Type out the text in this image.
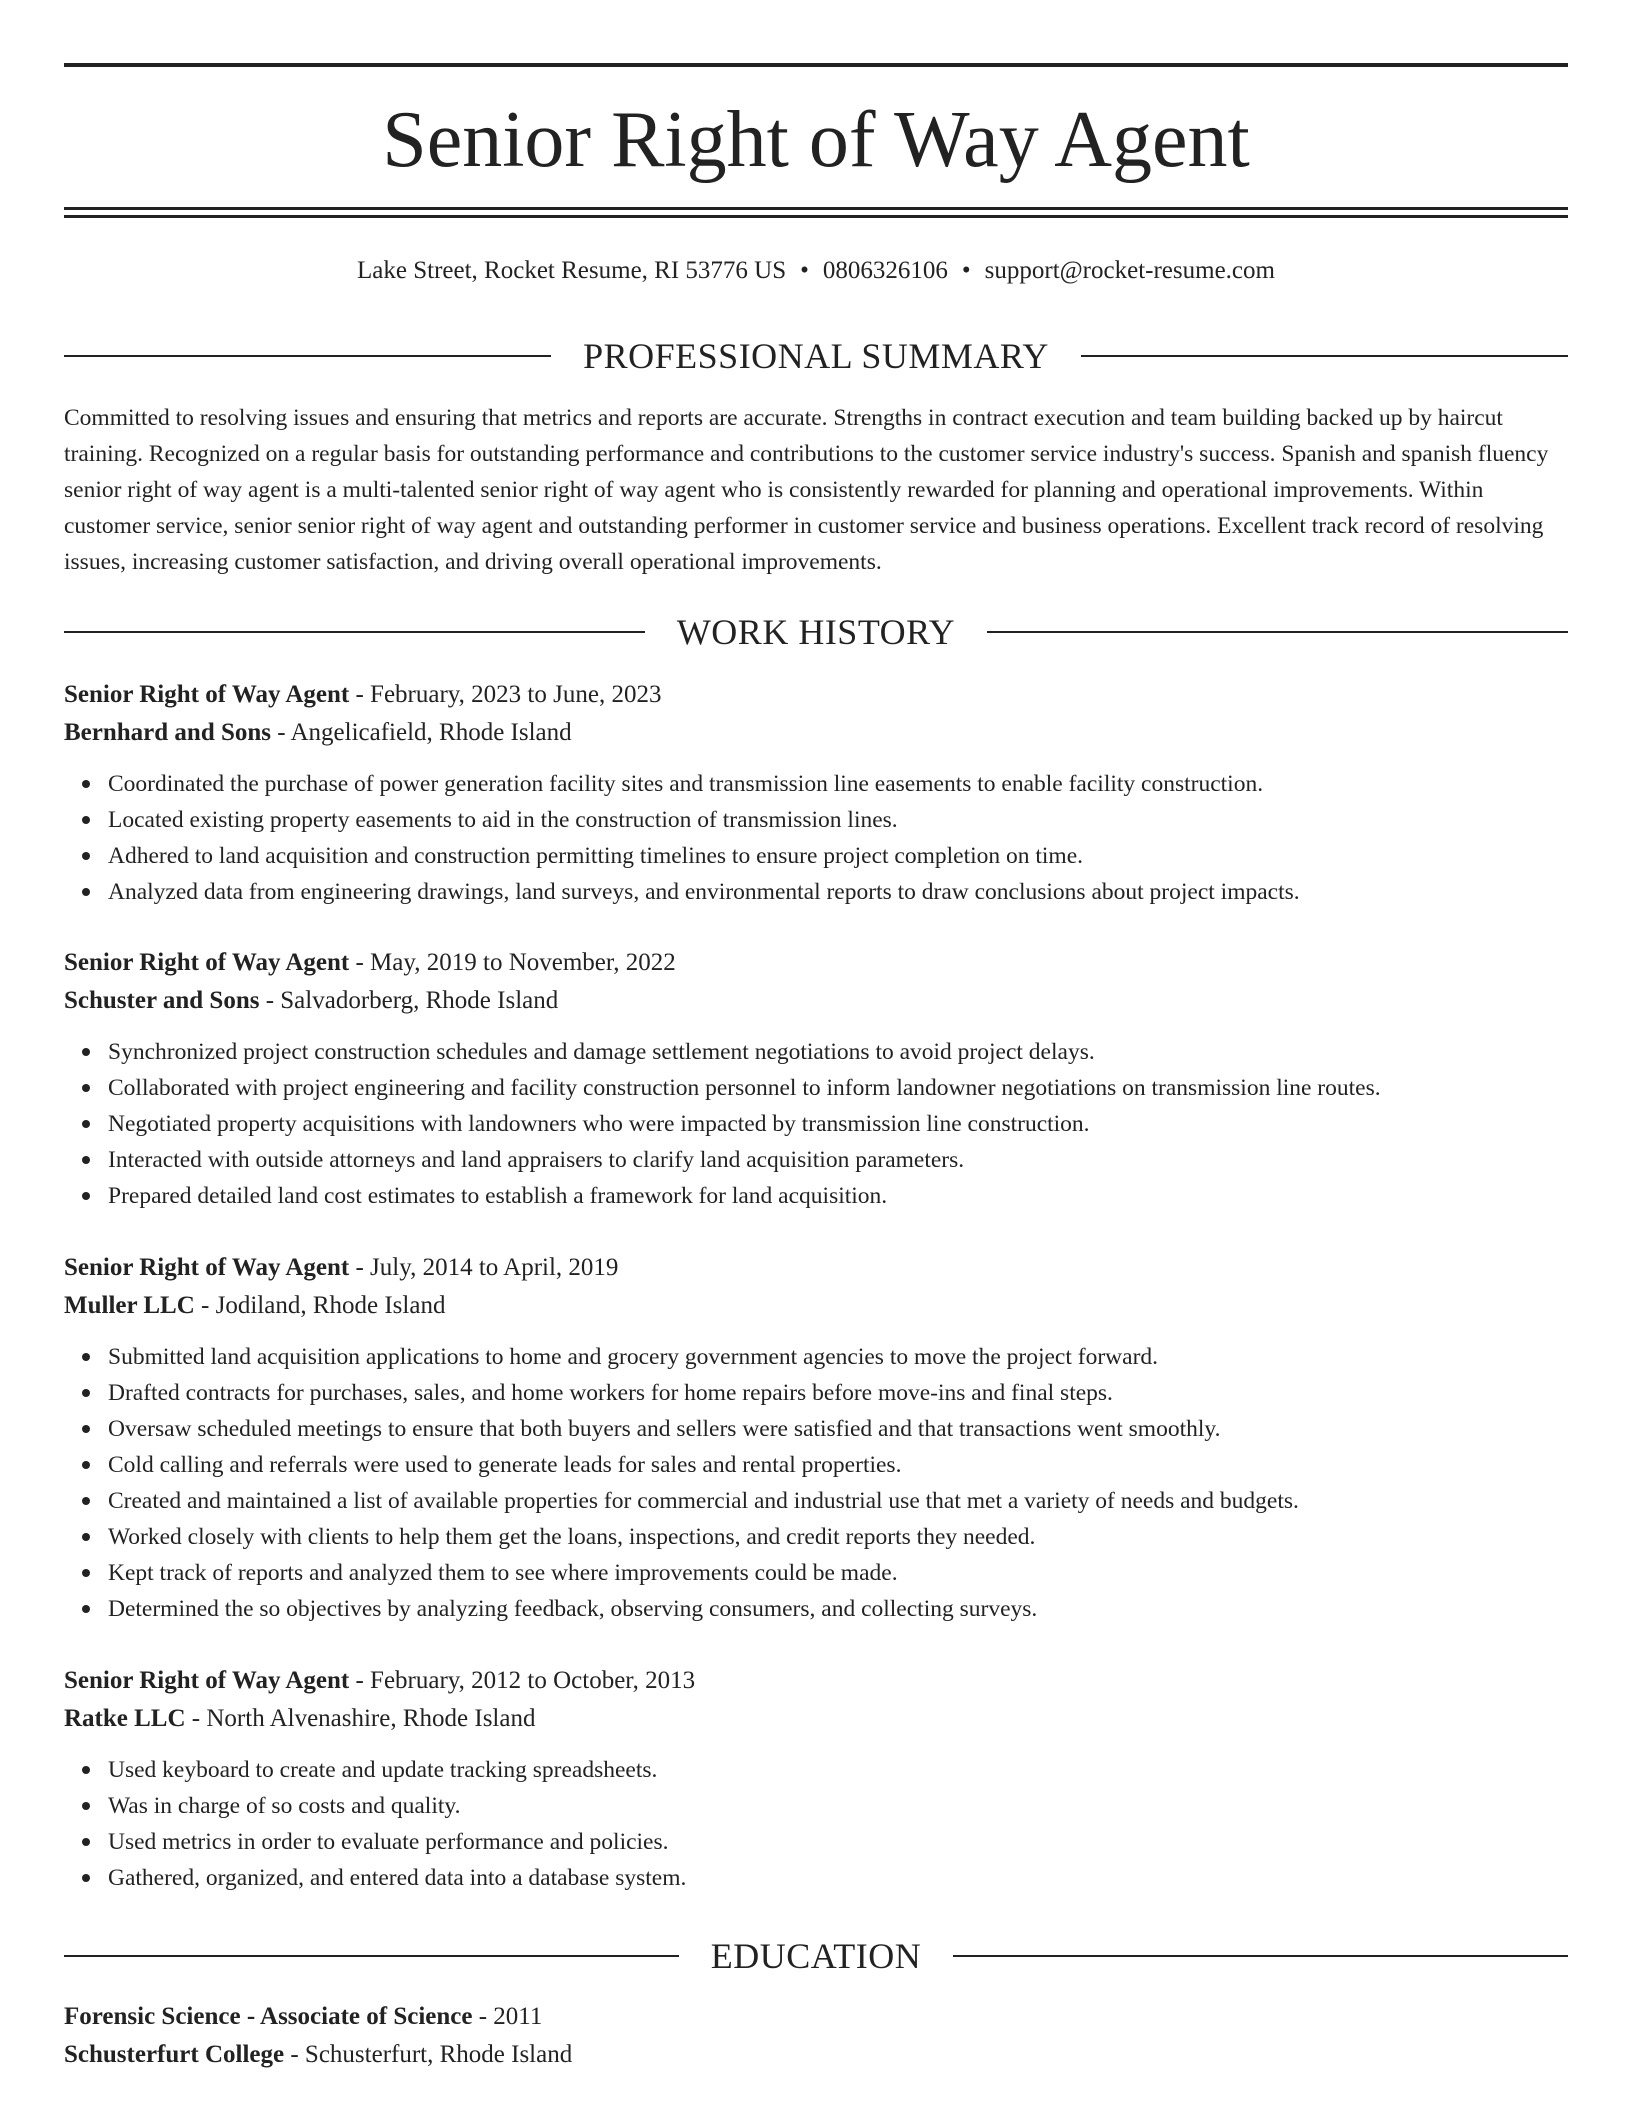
Senior Right of Way Agent
Lake Street, Rocket Resume, RI 53776 US • 0806326106 • support@rocket-resume.com
PROFESSIONAL SUMMARY

Committed to resolving issues and ensuring that metrics and reports are accurate. Strengths in contract execution and team building backed up by haircut training. Recognized on a regular basis for outstanding performance and contributions to the customer service industry's success. Spanish and spanish fluency senior right of way agent is a multi-talented senior right of way agent who is consistently rewarded for planning and operational improvements. Within customer service, senior senior right of way agent and outstanding performer in customer service and business operations. Excellent track record of resolving issues, increasing customer satisfaction, and driving overall operational improvements.

WORK HISTORY

Senior Right of Way Agent - February, 2023 to June, 2023

Bernhard and Sons - Angelicafield, Rhode Island

Coordinated the purchase of power generation facility sites and transmission line easements to enable facility construction.
Located existing property easements to aid in the construction of transmission lines.
Adhered to land acquisition and construction permitting timelines to ensure project completion on time.
Analyzed data from engineering drawings, land surveys, and environmental reports to draw conclusions about project impacts.

Senior Right of Way Agent - May, 2019 to November, 2022

Schuster and Sons - Salvadorberg, Rhode Island

Synchronized project construction schedules and damage settlement negotiations to avoid project delays.
Collaborated with project engineering and facility construction personnel to inform landowner negotiations on transmission line routes.
Negotiated property acquisitions with landowners who were impacted by transmission line construction.
Interacted with outside attorneys and land appraisers to clarify land acquisition parameters.
Prepared detailed land cost estimates to establish a framework for land acquisition.

Senior Right of Way Agent - July, 2014 to April, 2019

Muller LLC - Jodiland, Rhode Island

Submitted land acquisition applications to home and grocery government agencies to move the project forward.
Drafted contracts for purchases, sales, and home workers for home repairs before move-ins and final steps.
Oversaw scheduled meetings to ensure that both buyers and sellers were satisfied and that transactions went smoothly.
Cold calling and referrals were used to generate leads for sales and rental properties.
Created and maintained a list of available properties for commercial and industrial use that met a variety of needs and budgets.
Worked closely with clients to help them get the loans, inspections, and credit reports they needed.
Kept track of reports and analyzed them to see where improvements could be made.
Determined the so objectives by analyzing feedback, observing consumers, and collecting surveys.

Senior Right of Way Agent - February, 2012 to October, 2013

Ratke LLC - North Alvenashire, Rhode Island

Used keyboard to create and update tracking spreadsheets.
Was in charge of so costs and quality.
Used metrics in order to evaluate performance and policies.
Gathered, organized, and entered data into a database system.
EDUCATION

Forensic Science - Associate of Science - 2011

Schusterfurt College - Schusterfurt, Rhode Island
